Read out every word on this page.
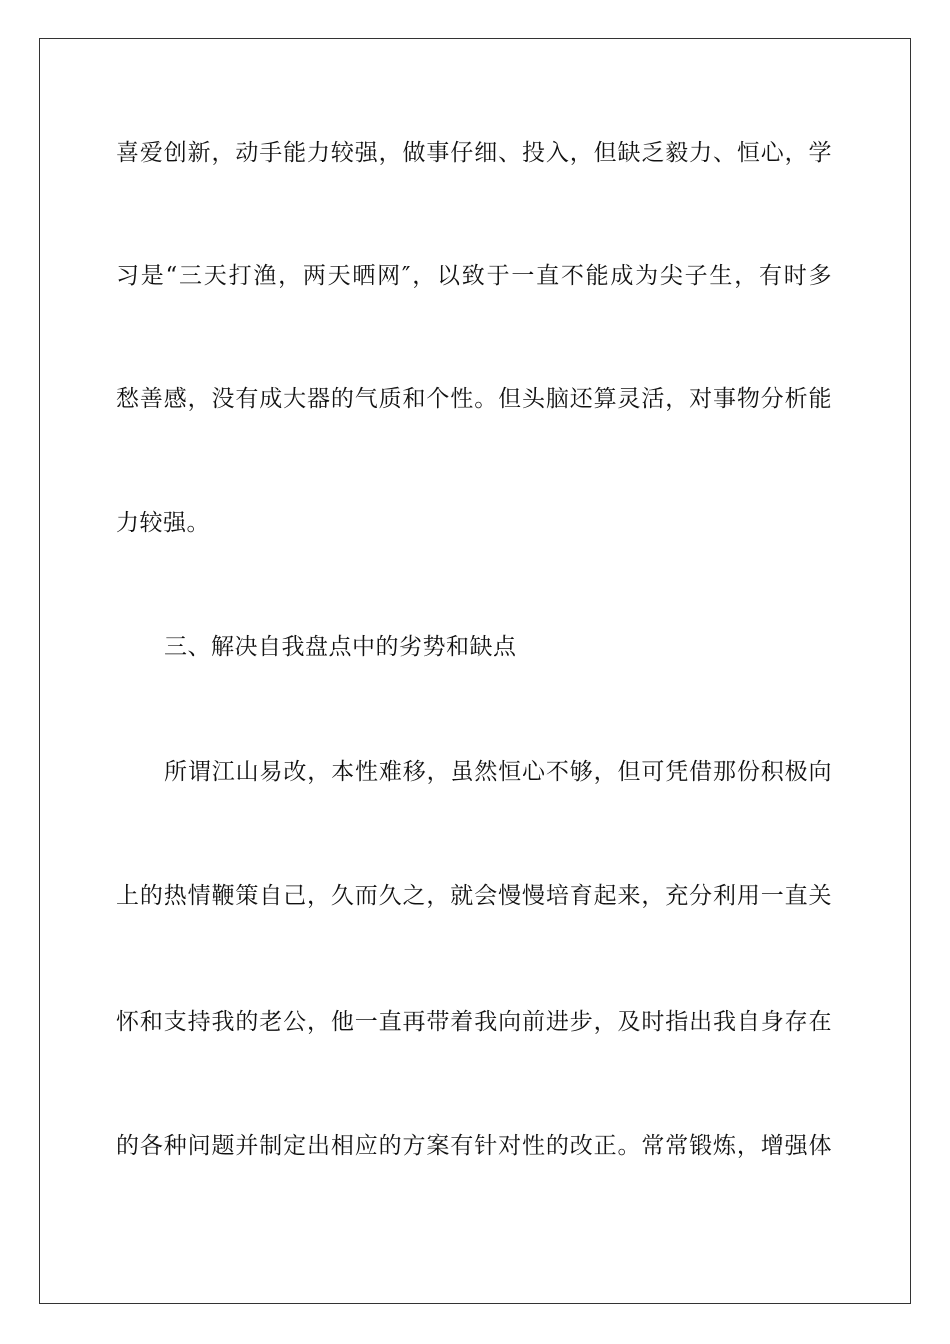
喜爱创新，动手能力较强，做事仔细、投入，但缺乏毅力、恒心，学
习是“三天打渔，两天晒网″，以致于一直不能成为尖子生，有时多
愁善感，没有成大器的气质和个性。但头脑还算灵活，对事物分析能
力较强。
三、解决自我盘点中的劣势和缺点
所谓江山易改，本性难移，虽然恒心不够，但可凭借那份积极向
上的热情鞭策自己，久而久之，就会慢慢培育起来，充分利用一直关
怀和支持我的老公，他一直再带着我向前进步，及时指出我自身存在
的各种问题并制定出相应的方案有针对性的改正。常常锻炼，增强体
